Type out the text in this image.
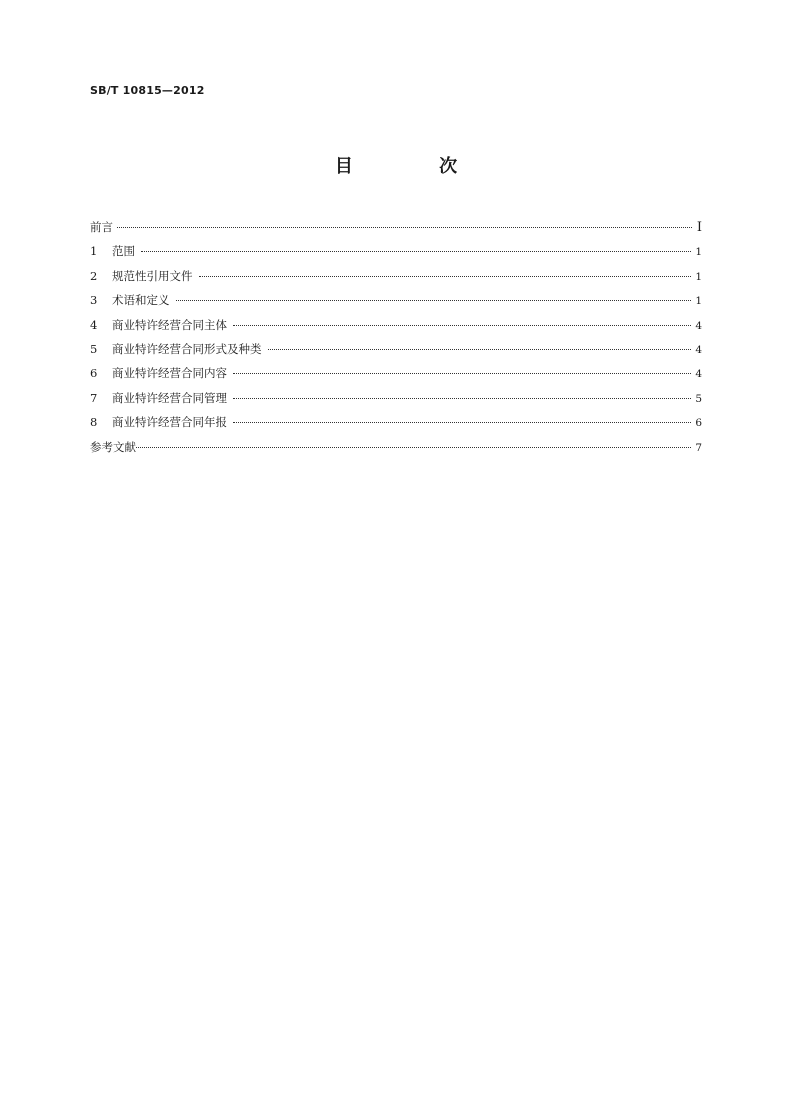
SB/T 10815—2012
目 次
前言	I
1	范围	1
2	规范性引用文件	1
3	术语和定义	1
4	商业特许经营合同主体	4
5	商业特许经营合同形式及种类	4
6	商业特许经营合同内容	4
7	商业特许经营合同管理	5
8	商业特许经营合同年报	6
参考文献	7
